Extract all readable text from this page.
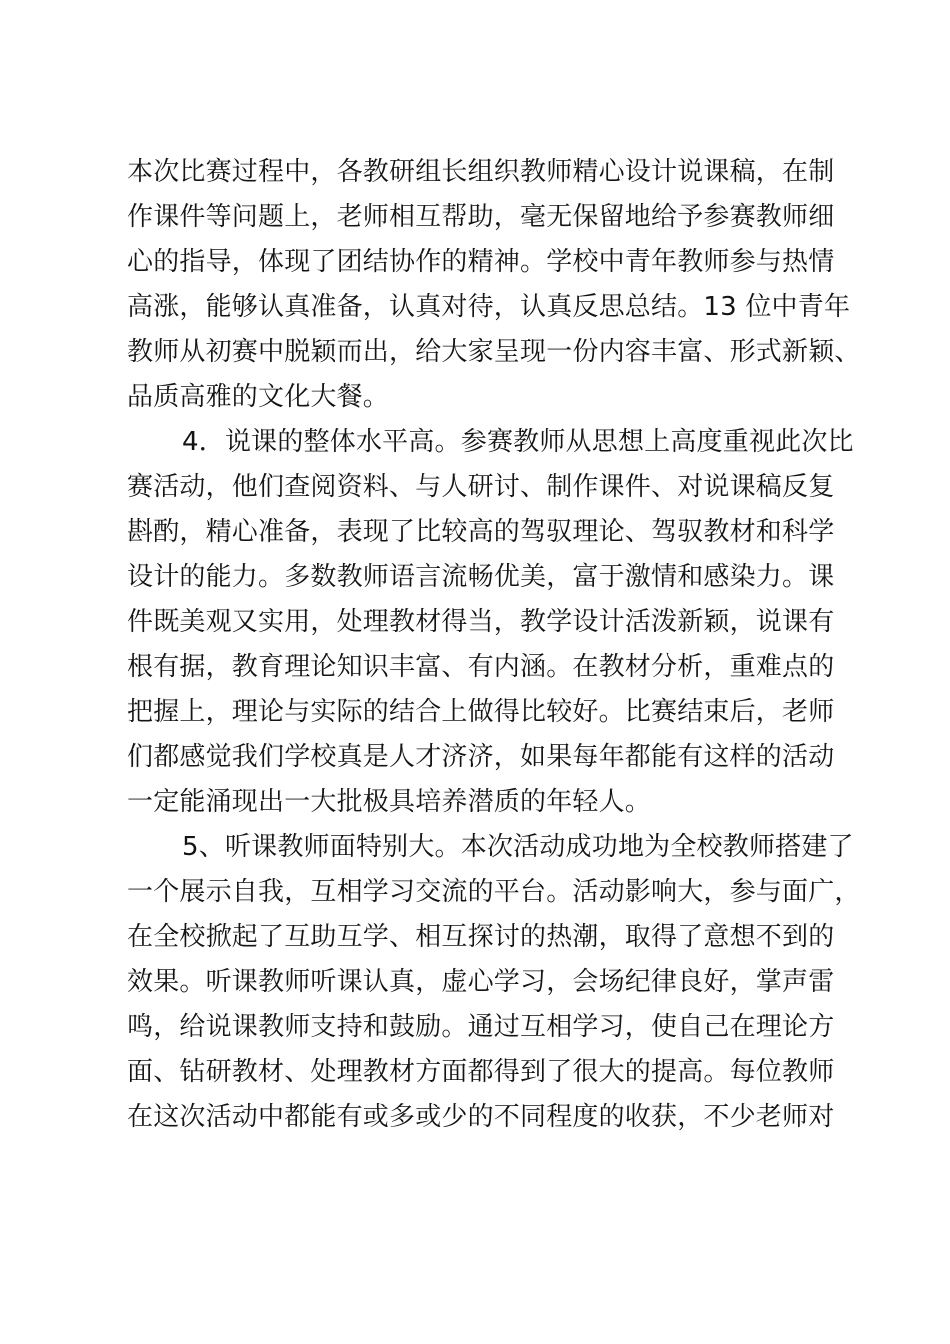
本次比赛过程中，各教研组长组织教师精心设计说课稿，在制
作课件等问题上，老师相互帮助，毫无保留地给予参赛教师细
心的指导，体现了团结协作的精神。学校中青年教师参与热情
高涨，能够认真准备，认真对待，认真反思总结。13 位中青年
教师从初赛中脱颖而出，给大家呈现一份内容丰富、形式新颖、
品质高雅的文化大餐。
4．说课的整体水平高。参赛教师从思想上高度重视此次比
赛活动，他们查阅资料、与人研讨、制作课件、对说课稿反复
斟酌，精心准备，表现了比较高的驾驭理论、驾驭教材和科学
设计的能力。多数教师语言流畅优美，富于激情和感染力。课
件既美观又实用，处理教材得当，教学设计活泼新颖，说课有
根有据，教育理论知识丰富、有内涵。在教材分析，重难点的
把握上，理论与实际的结合上做得比较好。比赛结束后，老师
们都感觉我们学校真是人才济济，如果每年都能有这样的活动
一定能涌现出一大批极具培养潜质的年轻人。
5、听课教师面特别大。本次活动成功地为全校教师搭建了
一个展示自我，互相学习交流的平台。活动影响大，参与面广，
在全校掀起了互助互学、相互探讨的热潮，取得了意想不到的
效果。听课教师听课认真，虚心学习，会场纪律良好，掌声雷
鸣，给说课教师支持和鼓励。通过互相学习，使自己在理论方
面、钻研教材、处理教材方面都得到了很大的提高。每位教师
在这次活动中都能有或多或少的不同程度的收获，不少老师对
